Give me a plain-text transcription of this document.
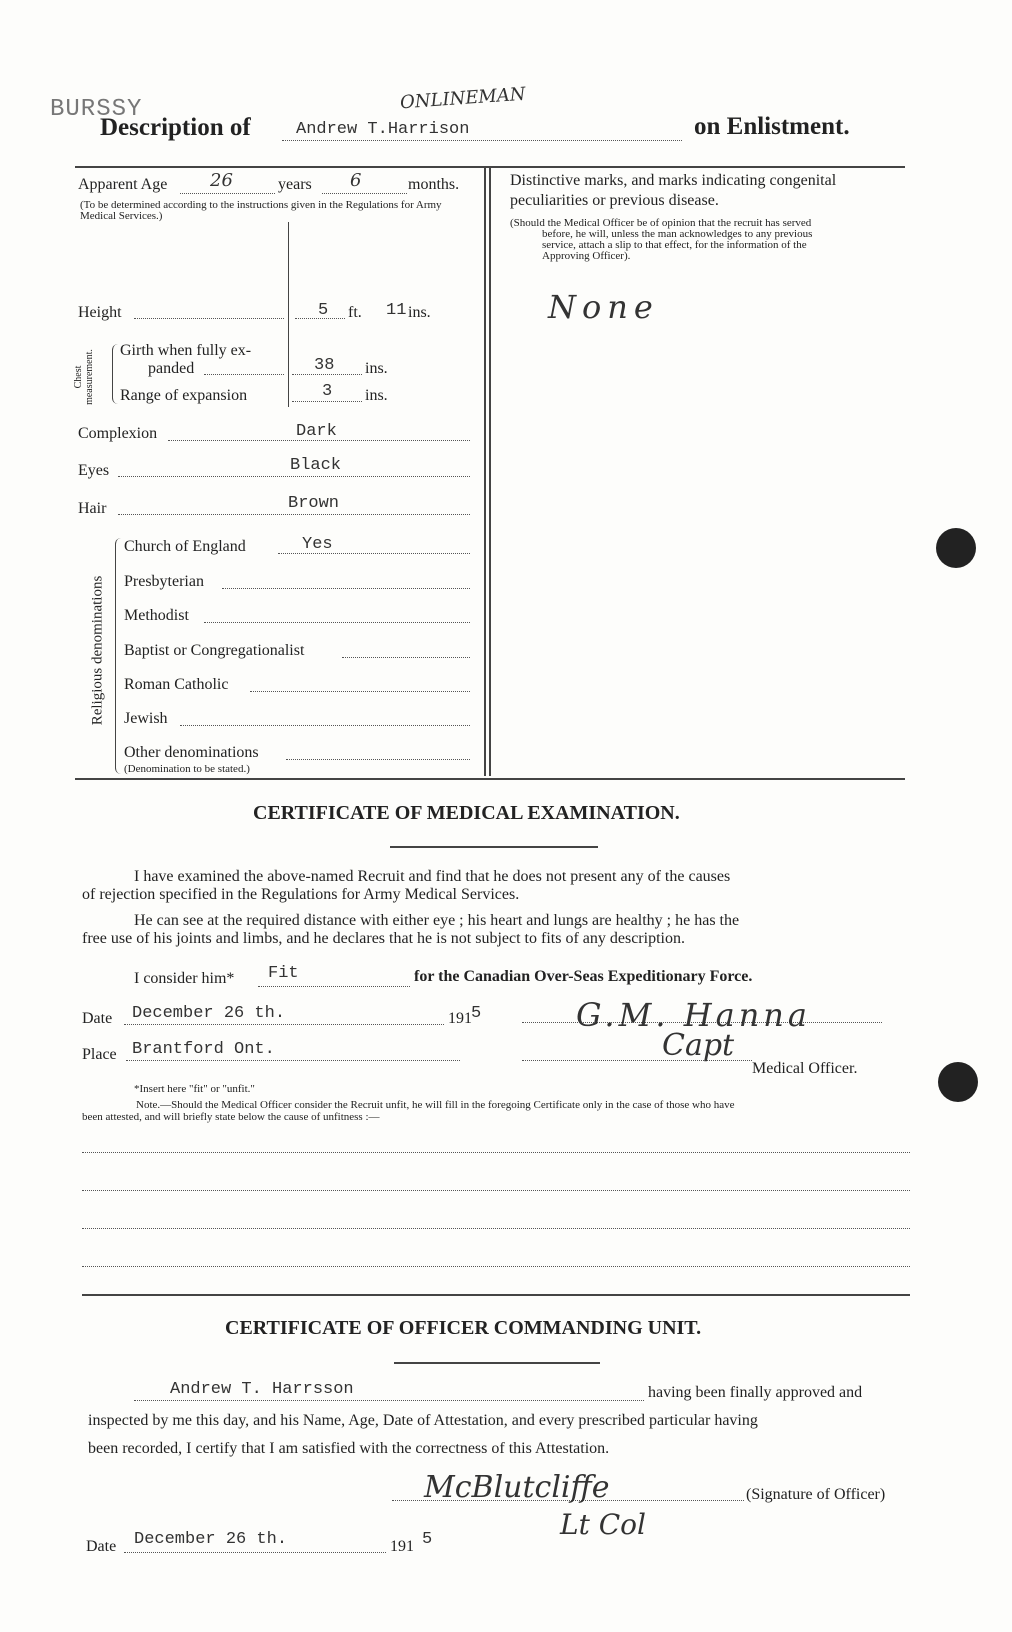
BURSSY	ONLINEMAN
Description of	Andrew T.Harrison	on Enlistment.
Apparent Age 26	years 6	months.
(To be determined according to the instructions given in the Regulations for Army Medical Services.)
Height	5 ft. 11 ins.
Chest measurement. Girth when fully ex-
panded	38 ins.
Range of expansion	3 ins.
Complexion	Dark
Eyes	Black
Hair	Brown
Religious denominations
Church of England	Yes
Presbyterian
Methodist
Baptist or Congregationalist
Roman Catholic
Jewish
Other denominations
(Denomination to be stated.)
Distinctive marks, and marks indicating congenital
peculiarities or previous disease.
(Should the Medical Officer be of opinion that the recruit has served
before, he will, unless the man acknowledges to any previous
service, attach a slip to that effect, for the information of the
Approving Officer).
None
CERTIFICATE OF MEDICAL EXAMINATION.
I have examined the above-named Recruit and find that he does not present any of the causes
of rejection specified in the Regulations for Army Medical Services.
He can see at the required distance with either eye ; his heart and lungs are healthy ; he has the
free use of his joints and limbs, and he declares that he is not subject to fits of any description.
I consider him* Fit	for the Canadian Over-Seas Expeditionary Force.
Date December 26 th.	191 5
Place Brantford Ont.
G.M. Hanna
Capt
Medical Officer.
*Insert here "fit" or "unfit."
Note.—Should the Medical Officer consider the Recruit unfit, he will fill in the foregoing Certificate only in the case of those who have
been attested, and will briefly state below the cause of unfitness :—
CERTIFICATE OF OFFICER COMMANDING UNIT.
Andrew T. Harrsson	having been finally approved and
inspected by me this day, and his Name, Age, Date of Attestation, and every prescribed particular having
been recorded, I certify that I am satisfied with the correctness of this Attestation.
McBlutcliffe
Lt Col
(Signature of Officer)
Date December 26 th.	191 5
